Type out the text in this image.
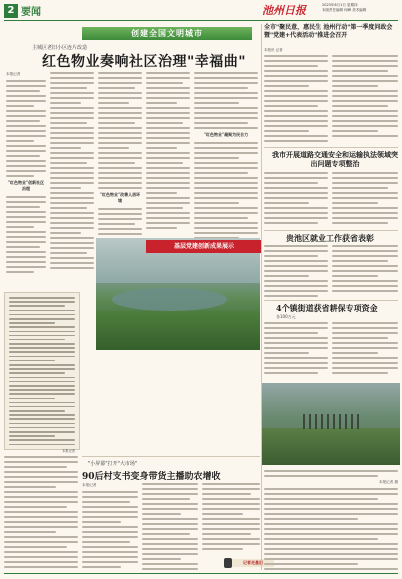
2 要闻	池州日报	2023年6月1日 星期四
本版责任编辑 何峰 美术编辑
创建全国文明城市
主城区老旧小区连片改造
红色物业奏响社区治理"幸福曲"
本报记者
"红色物业"创新社区治理
"红色物业"改善人居环境
"红色物业"凝聚为民合力
基层党建创新成果展示
本报记者
"小屏幕"打开"大市场"
90后村支书变身带货主播助农增收
本报记者
记者走基层
全市"聚民意，惠民生 池州行动"第一季度问政会暨"党建+代表活动"推进会召开
本报讯 记者
我市开展道路交通安全和运输执法领域突出问题专项整治
贵池区就业工作获省表彰
4个镇街道获省耕保专项资金
各100万元
本报记者 摄
